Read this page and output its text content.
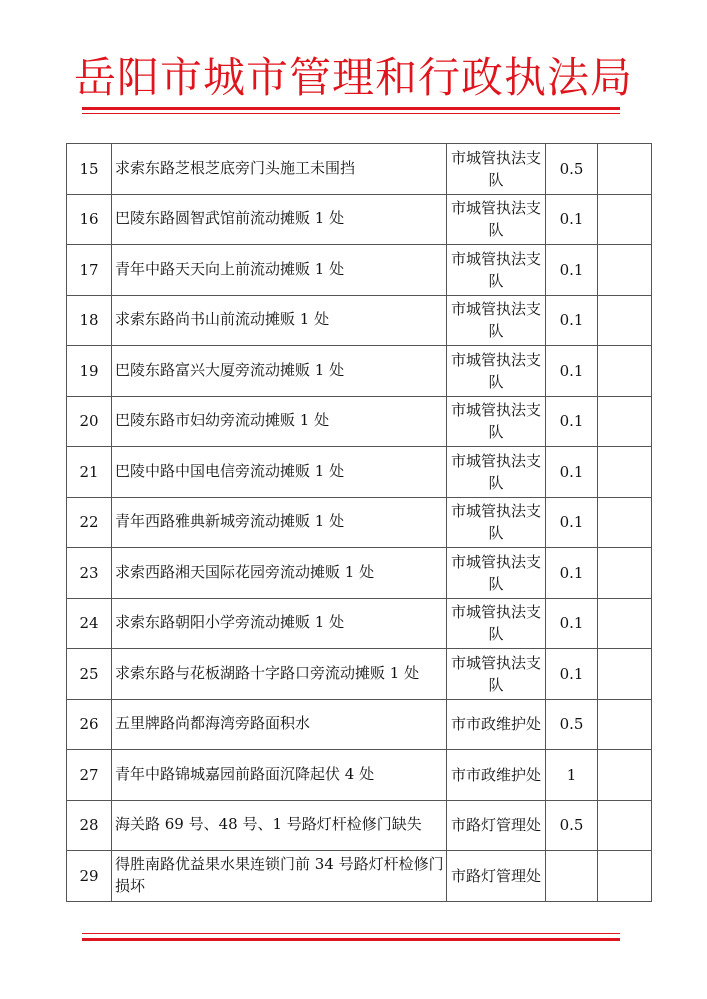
岳阳市城市管理和行政执法局
15	求索东路芝根芝底旁门头施工未围挡	市城管执法支队	0.5	
16	巴陵东路圆智武馆前流动摊贩 1 处	市城管执法支队	0.1	
17	青年中路天天向上前流动摊贩 1 处	市城管执法支队	0.1	
18	求索东路尚书山前流动摊贩 1 处	市城管执法支队	0.1	
19	巴陵东路富兴大厦旁流动摊贩 1 处	市城管执法支队	0.1	
20	巴陵东路市妇幼旁流动摊贩 1 处	市城管执法支队	0.1	
21	巴陵中路中国电信旁流动摊贩 1 处	市城管执法支队	0.1	
22	青年西路雅典新城旁流动摊贩 1 处	市城管执法支队	0.1	
23	求索西路湘天国际花园旁流动摊贩 1 处	市城管执法支队	0.1	
24	求索东路朝阳小学旁流动摊贩 1 处	市城管执法支队	0.1	
25	求索东路与花板湖路十字路口旁流动摊贩 1 处	市城管执法支队	0.1	
26	五里牌路尚都海湾旁路面积水	市市政维护处	0.5	
27	青年中路锦城嘉园前路面沉降起伏 4 处	市市政维护处	1	
28	海关路 69 号、48 号、1 号路灯杆检修门缺失	市路灯管理处	0.5	
29	得胜南路优益果水果连锁门前 34 号路灯杆检修门损坏	市路灯管理处		
